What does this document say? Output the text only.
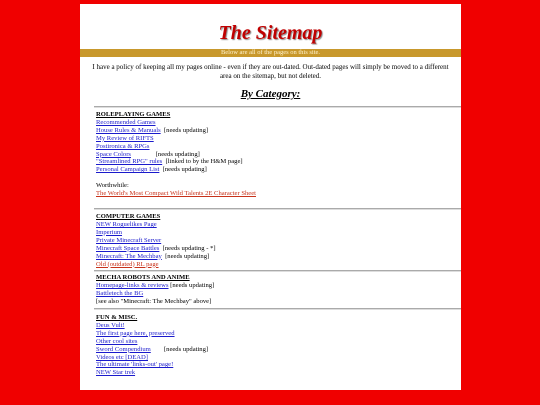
The Sitemap
Below are all of the pages on this site.

I have a policy of keeping all my pages online - even if they are out-dated. Out-dated pages will simply be moved to a different area on the sitemap, but not deleted.

By Category:
ROLEPLAYING GAMES
Recommended Games
House Rules & Manuals  [needs updating]
My Review of RIFTS
Postironica & RPGs
Space Colors               [needs updating]
"Streamlined RPG" rules  [linked to by the H&M page]
Personal Campaign List  [needs updating]
Worthwhile:
The World's Most Compact Wild Talents 2E Character Sheet
COMPUTER GAMES
NEW Roguelikes Page
Imperium
Private Minecraft Server
Minecraft Space Battles  [needs updating - *]
Minecraft: The Mechbay  [needs updating]
Old (outdated) RL page
MECHA ROBOTS AND ANIME
Homepage-links & reviews [needs updating]
Battletech the BG
[see also "Minecraft: The Mechbay" above]
FUN & MISC.
Deus Vult!
The first page here, preserved
Other cool sites
Sword Compendium        [needs updating]
Videos etc [DEAD]
The ultimate 'links-out' page!
NEW Star trek
